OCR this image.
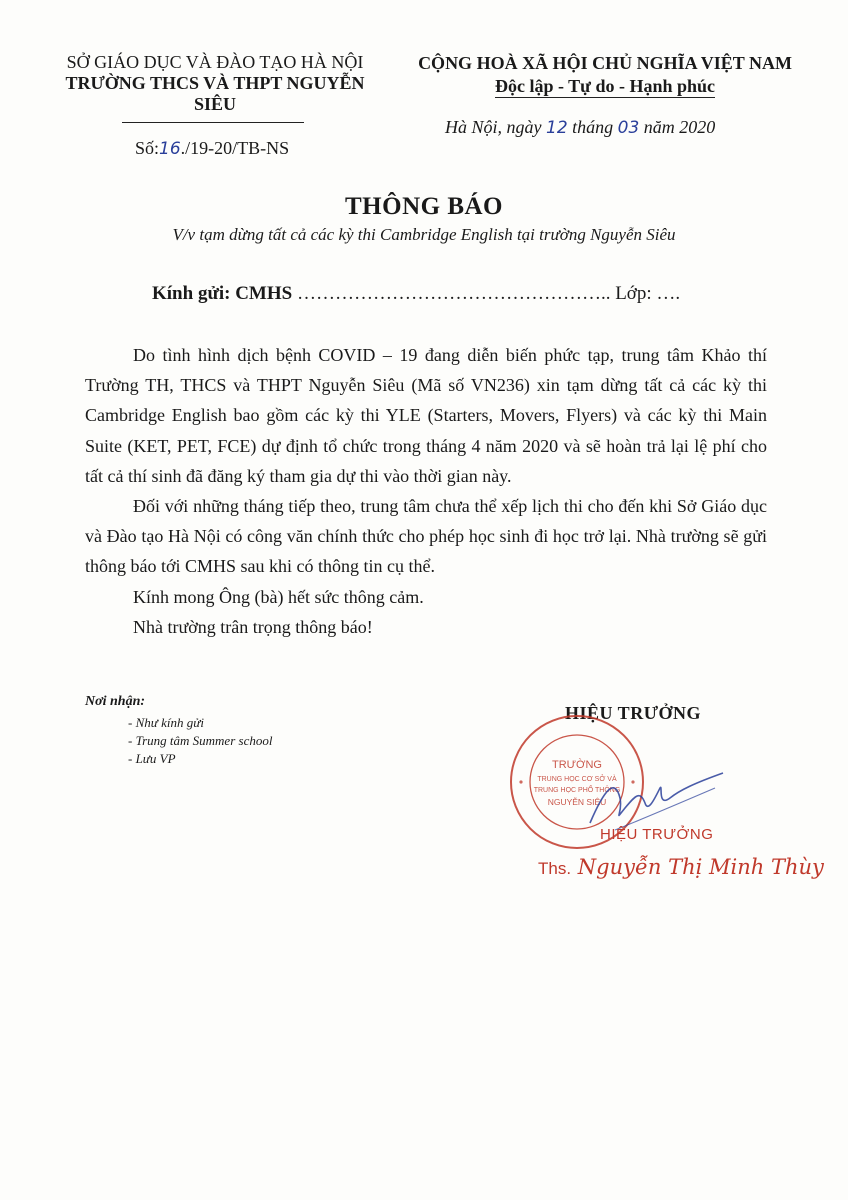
SỞ GIÁO DỤC VÀ ĐÀO TẠO HÀ NỘI
TRƯỜNG THCS VÀ THPT NGUYỄN SIÊU
Số:16./19-20/TB-NS
CỘNG HOÀ XÃ HỘI CHỦ NGHĨA VIỆT NAM
Độc lập - Tự do - Hạnh phúc
Hà Nội, ngày 12 tháng 03 năm 2020
THÔNG BÁO
V/v tạm dừng tất cả các kỳ thi Cambridge English tại trường Nguyễn Siêu
Kính gửi: CMHS ………………………………………….. Lớp: ….

Do tình hình dịch bệnh COVID – 19 đang diễn biến phức tạp, trung tâm Khảo thí Trường TH, THCS và THPT Nguyễn Siêu (Mã số VN236) xin tạm dừng tất cả các kỳ thi Cambridge English bao gồm các kỳ thi YLE (Starters, Movers, Flyers) và các kỳ thi Main Suite (KET, PET, FCE) dự định tổ chức trong tháng 4 năm 2020 và sẽ hoàn trả lại lệ phí cho tất cả thí sinh đã đăng ký tham gia dự thi vào thời gian này.

Đối với những tháng tiếp theo, trung tâm chưa thể xếp lịch thi cho đến khi Sở Giáo dục và Đào tạo Hà Nội có công văn chính thức cho phép học sinh đi học trở lại. Nhà trường sẽ gửi thông báo tới CMHS sau khi có thông tin cụ thể.

Kính mong Ông (bà) hết sức thông cảm.

Nhà trường trân trọng thông báo!

Nơi nhận:
- Như kính gửi
- Trung tâm Summer school
- Lưu VP
HIỆU TRƯỞNG
TRƯỜNG
TRUNG HỌC CƠ SỞ VÀ
TRUNG HỌC PHỔ THÔNG
NGUYỄN SIÊU
HIỆU TRƯỞNG
Ths. Nguyễn Thị Minh Thùy
